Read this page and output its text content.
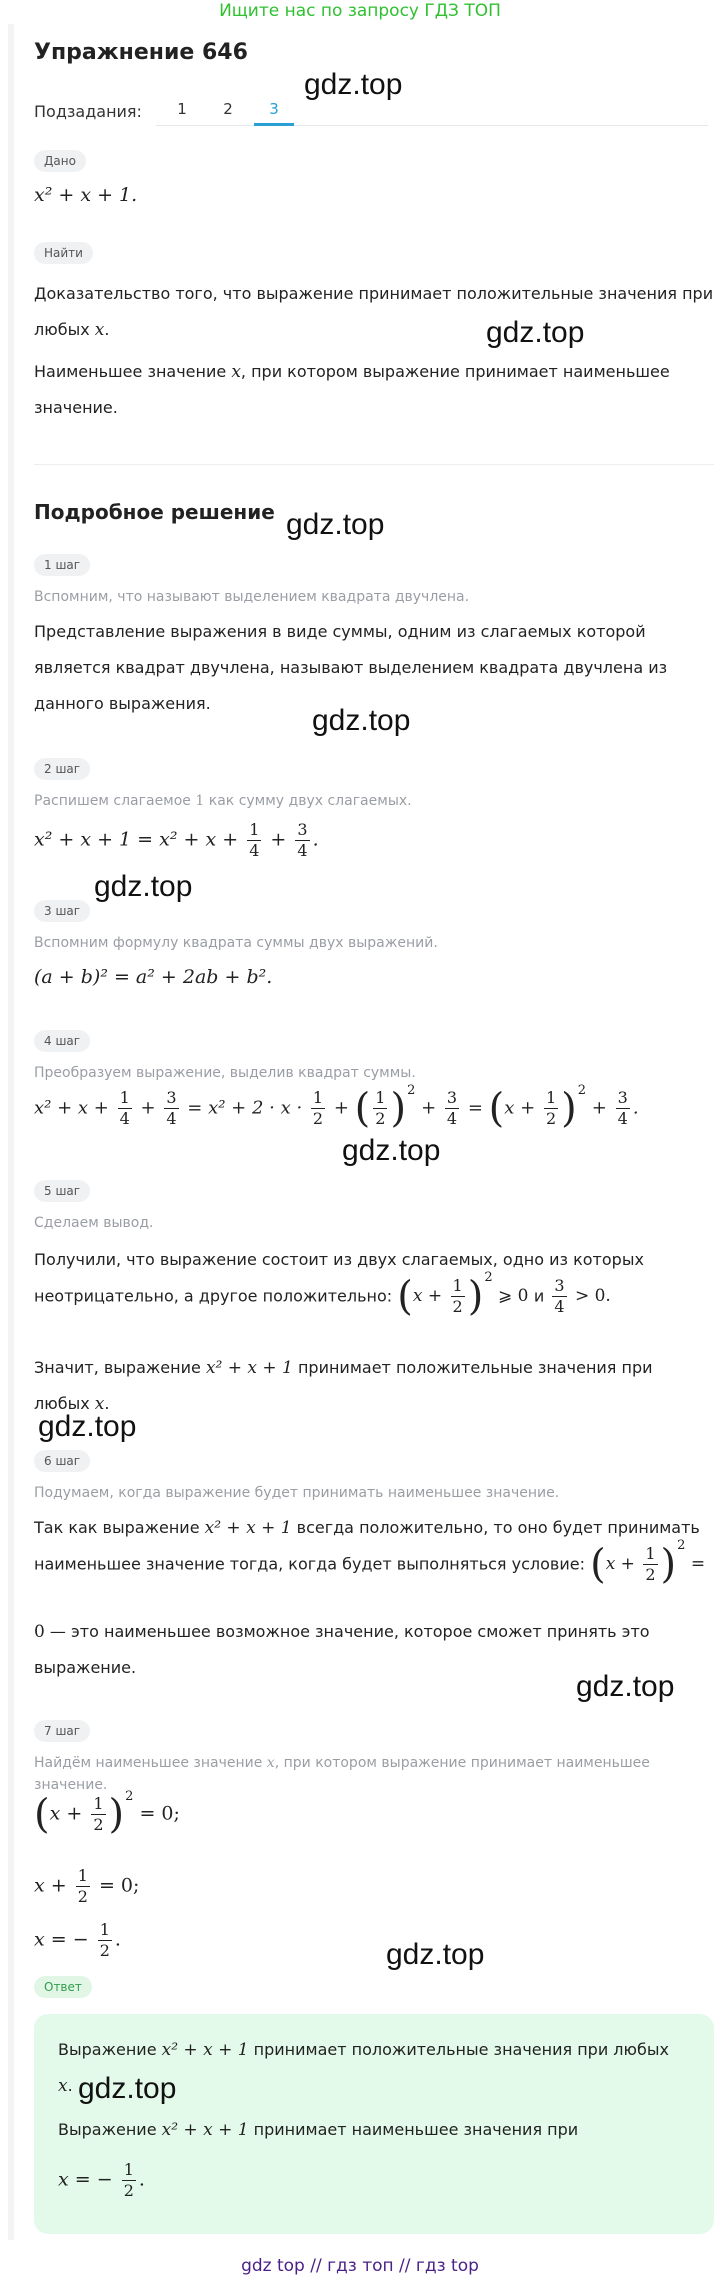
Ищите нас по запросу ГДЗ ТОП
Упражнение 646
Подзадания:	1	2	3
Дано
x² + x + 1.
Найти
Доказательство того, что выражение принимает положительные значения при
любых x.
Наименьшее значение x, при котором выражение принимает наименьшее
значение.
Подробное решение
1 шаг
Вспомним, что называют выделением квадрата двучлена.
Представление выражения в виде суммы, одним из слагаемых которой
является квадрат двучлена, называют выделением квадрата двучлена из
данного выражения.
2 шаг
Распишем слагаемое 1 как сумму двух слагаемых.
$x^2 + x + 1 = x^2 + x + \frac{1}{4} + \frac{3}{4}$ .
3 шаг
Вспомним формулу квадрата суммы двух выражений.
(a + b)² = a² + 2ab + b².
4 шаг
Преобразуем выражение, выделив квадрат суммы.
$x^2 + x + \frac{1}{4} + \frac{3}{4} = x^2 + 2 \cdot x \cdot \frac{1}{2}$ + ( $\frac{1}{2} )^2 + \frac{3}{4} = (x + \frac{1}{2} )^2 + \frac{3}{4}$ .
5 шаг
Сделаем вывод.
Получили, что выражение состоит из двух слагаемых, одно из которых
неотрицательно, а другое положительно: $(x + \frac{1}{2} )^2$ ⩾ 0 и $\frac{3}{4} > 0$.
Значит, выражение x² + x + 1 принимает положительные значения при
любых x.
6 шаг
Подумаем, когда выражение будет принимать наименьшее значение.
Так как выражение x² + x + 1 всегда положительно, то оно будет принимать
наименьшее значение тогда, когда будет выполняться условие: $(x + \frac{1}{2} )^2$ =
0 — это наименьшее возможное значение, которое сможет принять это
выражение.
7 шаг
Найдём наименьшее значение x, при котором выражение принимает наименьшее
значение.
$(x + \frac{1}{2} )^2 = 0$;
$x + \frac{1}{2} = 0$;
x = − $\frac{1}{2}$ .
Ответ
Выражение x² + x + 1 принимает положительные значения при любых
x.
Выражение x² + x + 1 принимает наименьшее значения при
x = − $\frac{1}{2}$ .
gdz.top
gdz.top
gdz.top
gdz.top
gdz.top
gdz.top
gdz.top
gdz.top
gdz.top
gdz.top
gdz top // гдз топ // гдз top
